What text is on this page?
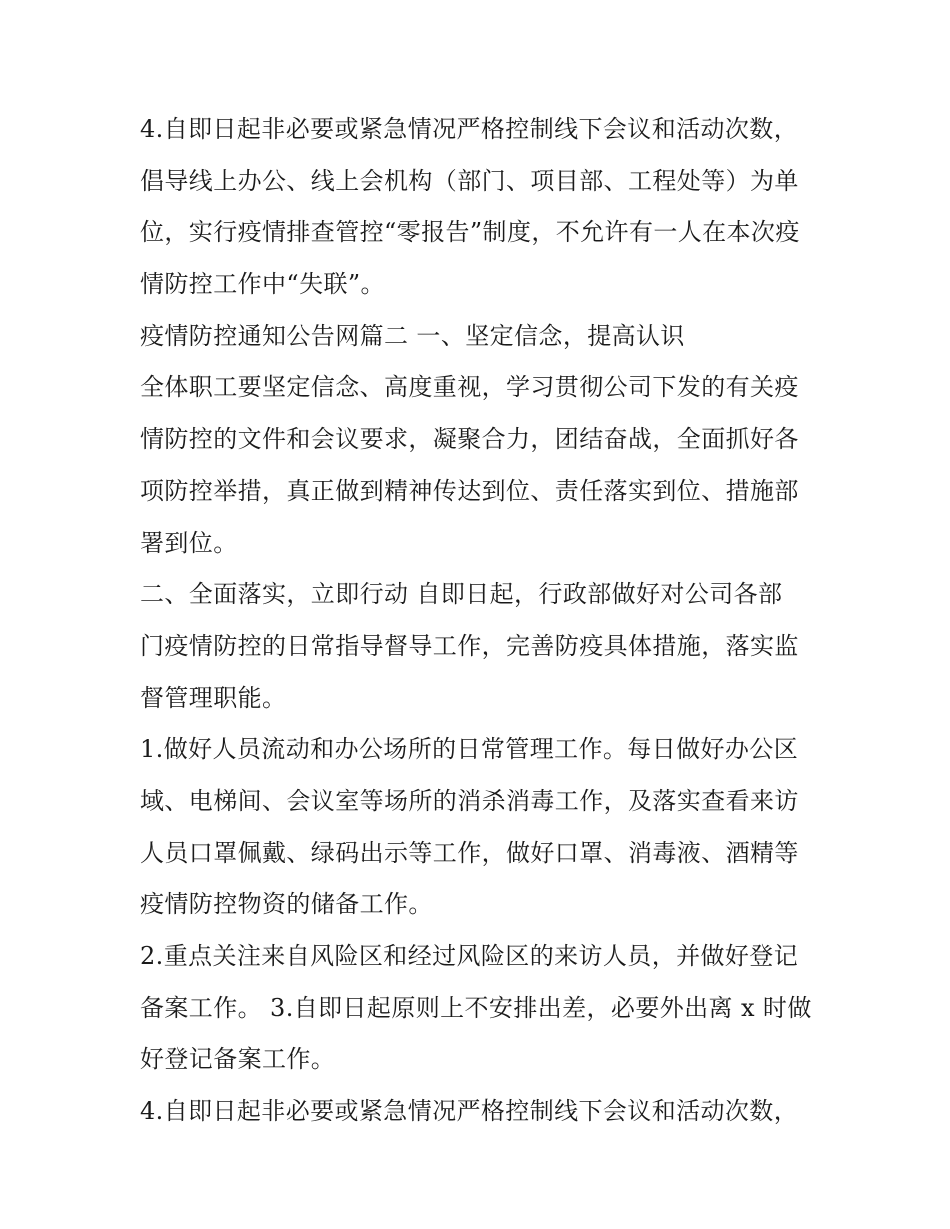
4.自即日起非必要或紧急情况严格控制线下会议和活动次数，
倡导线上办公、线上会机构（部门、项目部、工程处等）为单
位，实行疫情排查管控“零报告”制度，不允许有一人在本次疫
情防控工作中“失联”。
疫情防控通知公告网篇二 一、坚定信念，提高认识
全体职工要坚定信念、高度重视，学习贯彻公司下发的有关疫
情防控的文件和会议要求，凝聚合力，团结奋战，全面抓好各
项防控举措，真正做到精神传达到位、责任落实到位、措施部
署到位。
二、全面落实，立即行动 自即日起，行政部做好对公司各部
门疫情防控的日常指导督导工作，完善防疫具体措施，落实监
督管理职能。
1.做好人员流动和办公场所的日常管理工作。每日做好办公区
域、电梯间、会议室等场所的消杀消毒工作，及落实查看来访
人员口罩佩戴、绿码出示等工作，做好口罩、消毒液、酒精等
疫情防控物资的储备工作。
2.重点关注来自风险区和经过风险区的来访人员，并做好登记
备案工作。 3.自即日起原则上不安排出差，必要外出离 x 时做
好登记备案工作。
4.自即日起非必要或紧急情况严格控制线下会议和活动次数，
